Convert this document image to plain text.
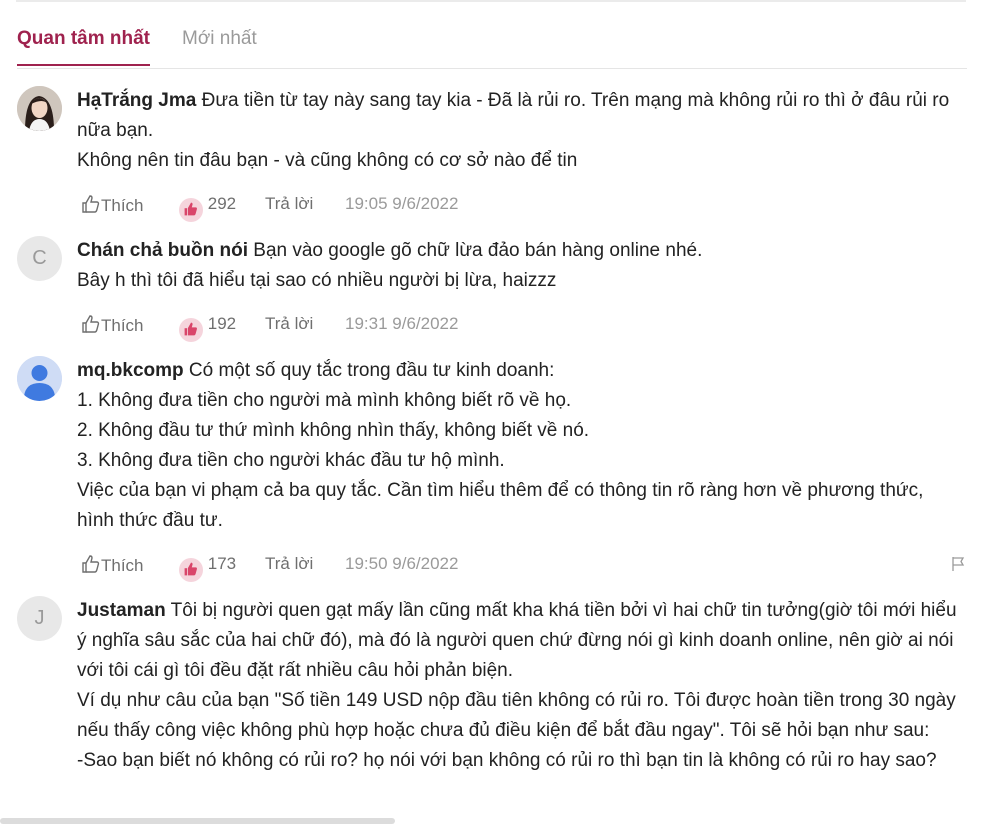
Quan tâm nhất Mới nhất

HạTrắng Jma Đưa tiền từ tay này sang tay kia - Đã là rủi ro. Trên mạng mà không rủi ro thì ở đâu rủi ro nữa bạn.

Không nên tin đâu bạn - và cũng không có cơ sở nào để tin

Thích	292 Trả lời 19:05 9/6/2022
C	Chán chả buồn nói Bạn vào google gõ chữ lừa đảo bán hàng online nhé.

Bây h thì tôi đã hiểu tại sao có nhiều người bị lừa, haizzz

Thích	192 Trả lời 19:31 9/6/2022

mq.bkcomp Có một số quy tắc trong đầu tư kinh doanh:

1. Không đưa tiền cho người mà mình không biết rõ về họ.

2. Không đầu tư thứ mình không nhìn thấy, không biết về nó.

3. Không đưa tiền cho người khác đầu tư hộ mình.

Việc của bạn vi phạm cả ba quy tắc. Cần tìm hiểu thêm để có thông tin rõ ràng hơn về phương thức, hình thức đầu tư.

Thích	173 Trả lời 19:50 9/6/2022
J	Justaman Tôi bị người quen gạt mấy lần cũng mất kha khá tiền bởi vì hai chữ tin tưởng(giờ tôi mới hiểu ý nghĩa sâu sắc của hai chữ đó), mà đó là người quen chứ đừng nói gì kinh doanh online, nên giờ ai nói với tôi cái gì tôi đều đặt rất nhiều câu hỏi phản biện.

Ví dụ như câu của bạn "Số tiền 149 USD nộp đầu tiên không có rủi ro. Tôi được hoàn tiền trong 30 ngày nếu thấy công việc không phù hợp hoặc chưa đủ điều kiện để bắt đầu ngay". Tôi sẽ hỏi bạn như sau:

-Sao bạn biết nó không có rủi ro? họ nói với bạn không có rủi ro thì bạn tin là không có rủi ro hay sao?
